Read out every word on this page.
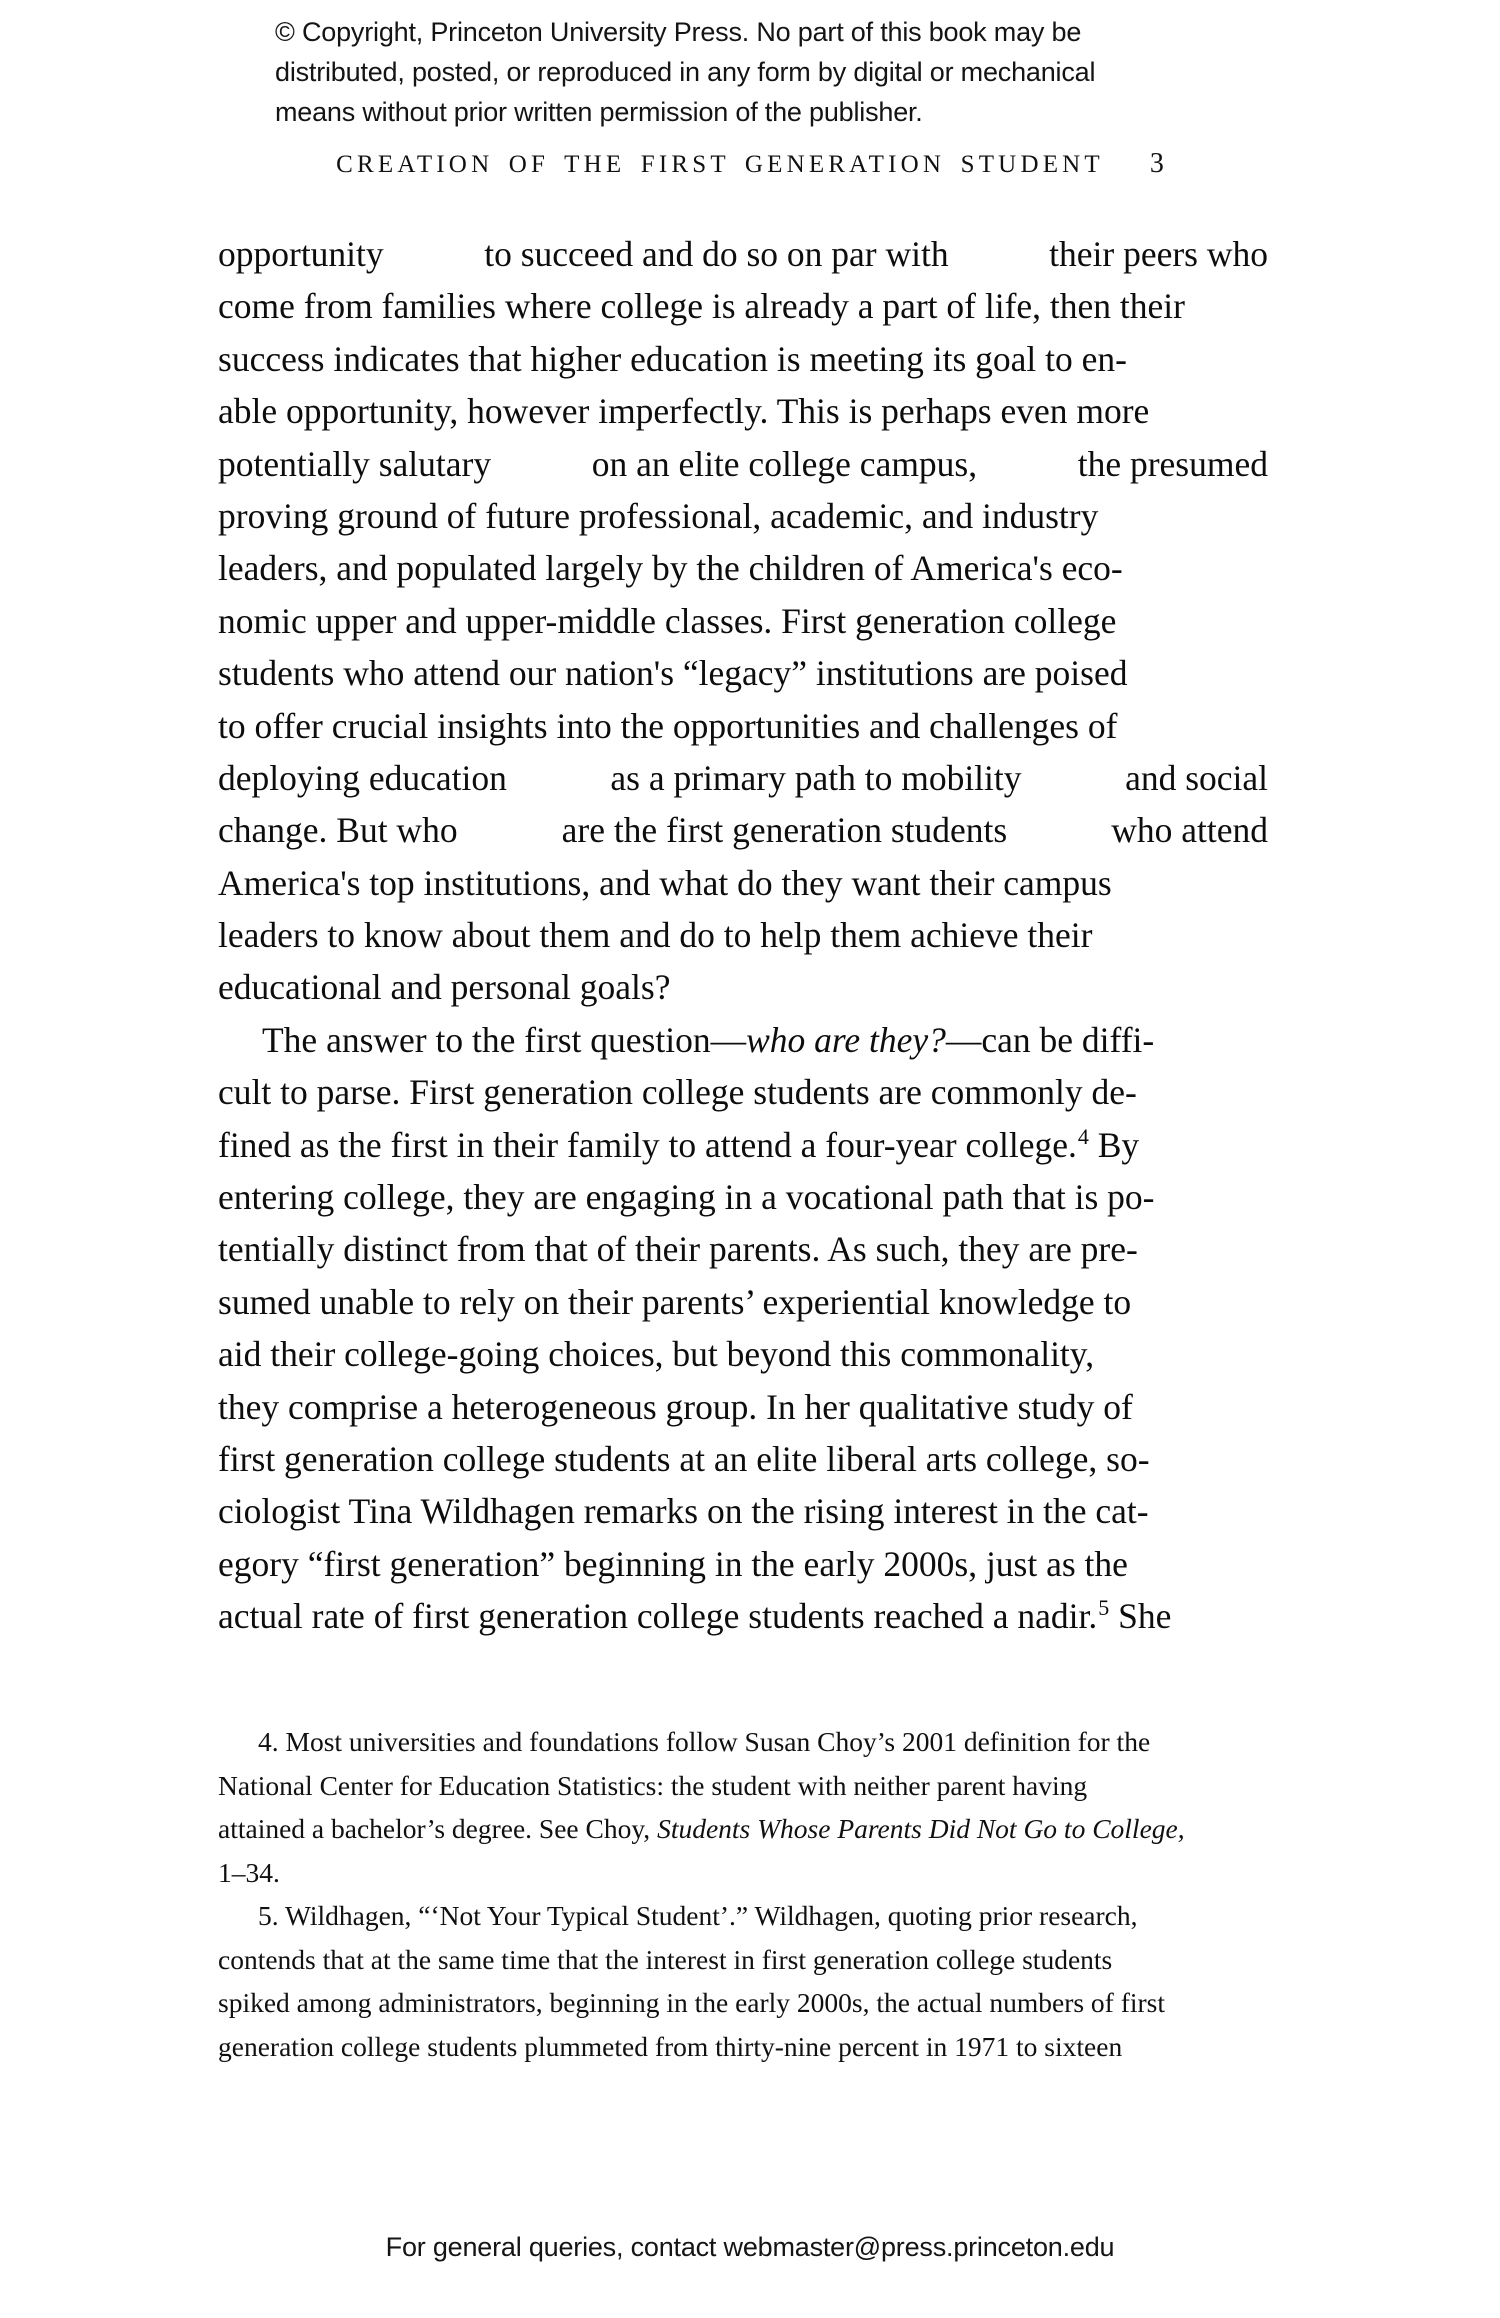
© Copyright, Princeton University Press. No part of this book may be
distributed, posted, or reproduced in any form by digital or mechanical
means without prior written permission of the publisher.
CREATION OF THE FIRST GENERATION STUDENT 3
opportunity	to succeed and do so on par with	their peers who
come from families where college is already a part of life, then their
success indicates that higher education is meeting its goal to en-
able opportunity, however imperfectly. This is perhaps even more
potentially salutary	on an elite college campus,	the presumed
proving ground of future professional, academic, and industry
leaders, and populated largely by the children of America's eco-
nomic upper and upper-middle classes. First generation college
students who attend our nation's “legacy” institutions are poised
to offer crucial insights into the opportunities and challenges of
deploying education	as a primary path to mobility	and social
change. But who	are the first generation students	who attend
America's top institutions, and what do they want their campus
leaders to know about them and do to help them achieve their
educational and personal goals?
The answer to the first question—who are they?—can be diffi-
cult to parse. First generation college students are commonly de-
fined as the first in their family to attend a four-year college.$^4$ By
entering college, they are engaging in a vocational path that is po-
tentially distinct from that of their parents. As such, they are pre-
sumed unable to rely on their parents’ experiential knowledge to
aid their college-going choices, but beyond this commonality,
they comprise a heterogeneous group. In her qualitative study of
first generation college students at an elite liberal arts college, so-
ciologist Tina Wildhagen remarks on the rising interest in the cat-
egory “first generation” beginning in the early 2000s, just as the
actual rate of first generation college students reached a nadir.$^5$ She
4. Most universities and foundations follow Susan Choy’s 2001 definition for the
National Center for Education Statistics: the student with neither parent having
attained a bachelor’s degree. See Choy, Students Whose Parents Did Not Go to College,
1–34.
5. Wildhagen, “‘Not Your Typical Student’.” Wildhagen, quoting prior research,
contends that at the same time that the interest in first generation college students
spiked among administrators, beginning in the early 2000s, the actual numbers of first
generation college students plummeted from thirty-nine percent in 1971 to sixteen
For general queries, contact webmaster@press.princeton.edu
